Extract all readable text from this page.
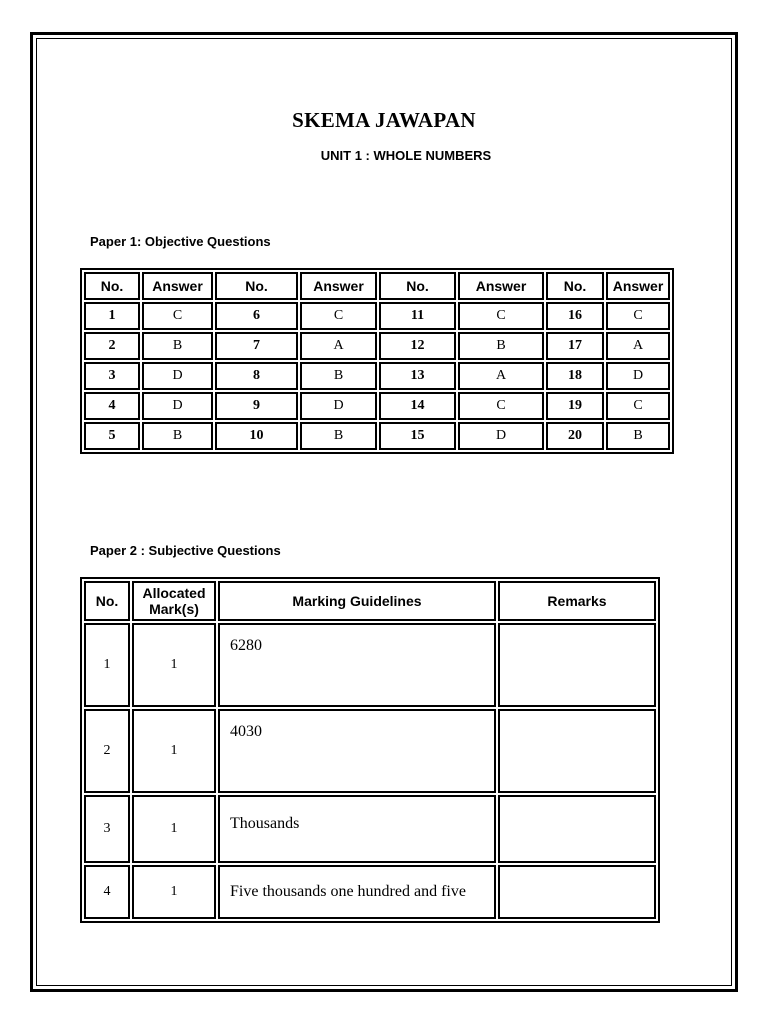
SKEMA JAWAPAN
UNIT 1 : WHOLE NUMBERS
Paper 1: Objective Questions
No.	Answer	No.	Answer	No.	Answer	No.	Answer
1	C	6	C	11	C	16	C
2	B	7	A	12	B	17	A
3	D	8	B	13	A	18	D
4	D	9	D	14	C	19	C
5	B	10	B	15	D	20	B
Paper 2 : Subjective Questions
No.	Allocated Mark(s)	Marking Guidelines	Remarks
1	1	6280	
2	1	4030	
3	1	Thousands	
4	1	Five thousands one hundred and five	
